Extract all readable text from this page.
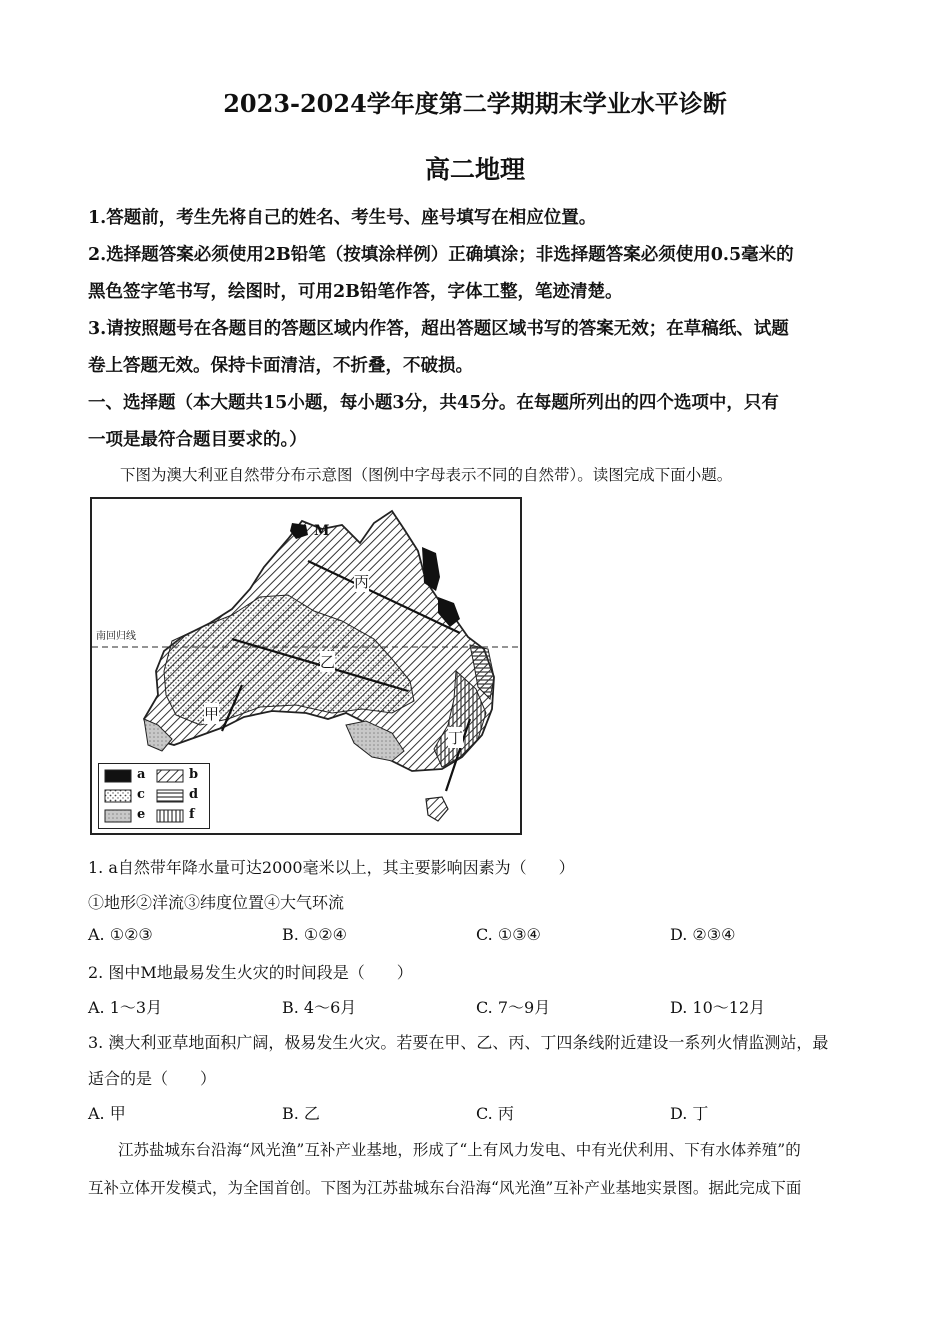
2023-2024学年度第二学期期末学业水平诊断
高二地理
1.答题前，考生先将自己的姓名、考生号、座号填写在相应位置。
2.选择题答案必须使用2B铅笔（按填涂样例）正确填涂；非选择题答案必须使用0.5毫米的
黑色签字笔书写，绘图时，可用2B铅笔作答，字体工整，笔迹清楚。
3.请按照题号在各题目的答题区域内作答，超出答题区域书写的答案无效；在草稿纸、试题
卷上答题无效。保持卡面清洁，不折叠，不破损。
一、选择题（本大题共15小题，每小题3分，共45分。在每题所列出的四个选项中，只有
一项是最符合题目要求的。）
下图为澳大利亚自然带分布示意图（图例中字母表示不同的自然带）。读图完成下面小题。
M
丙
乙
甲
丁
南回归线
a	b
c	d
e	f
1. a自然带年降水量可达2000毫米以上，其主要影响因素为（　　）
①地形②洋流③纬度位置④大气环流
A. ①②③	B. ①②④	C. ①③④	D. ②③④
2. 图中M地最易发生火灾的时间段是（　　）
A. 1～3月	B. 4～6月	C. 7～9月	D. 10～12月
3. 澳大利亚草地面积广阔，极易发生火灾。若要在甲、乙、丙、丁四条线附近建设一系列火情监测站，最
适合的是（　　）
A. 甲	B. 乙	C. 丙	D. 丁
江苏盐城东台沿海“风光渔”互补产业基地，形成了“上有风力发电、中有光伏利用、下有水体养殖”的
互补立体开发模式，为全国首创。下图为江苏盐城东台沿海“风光渔”互补产业基地实景图。据此完成下面
